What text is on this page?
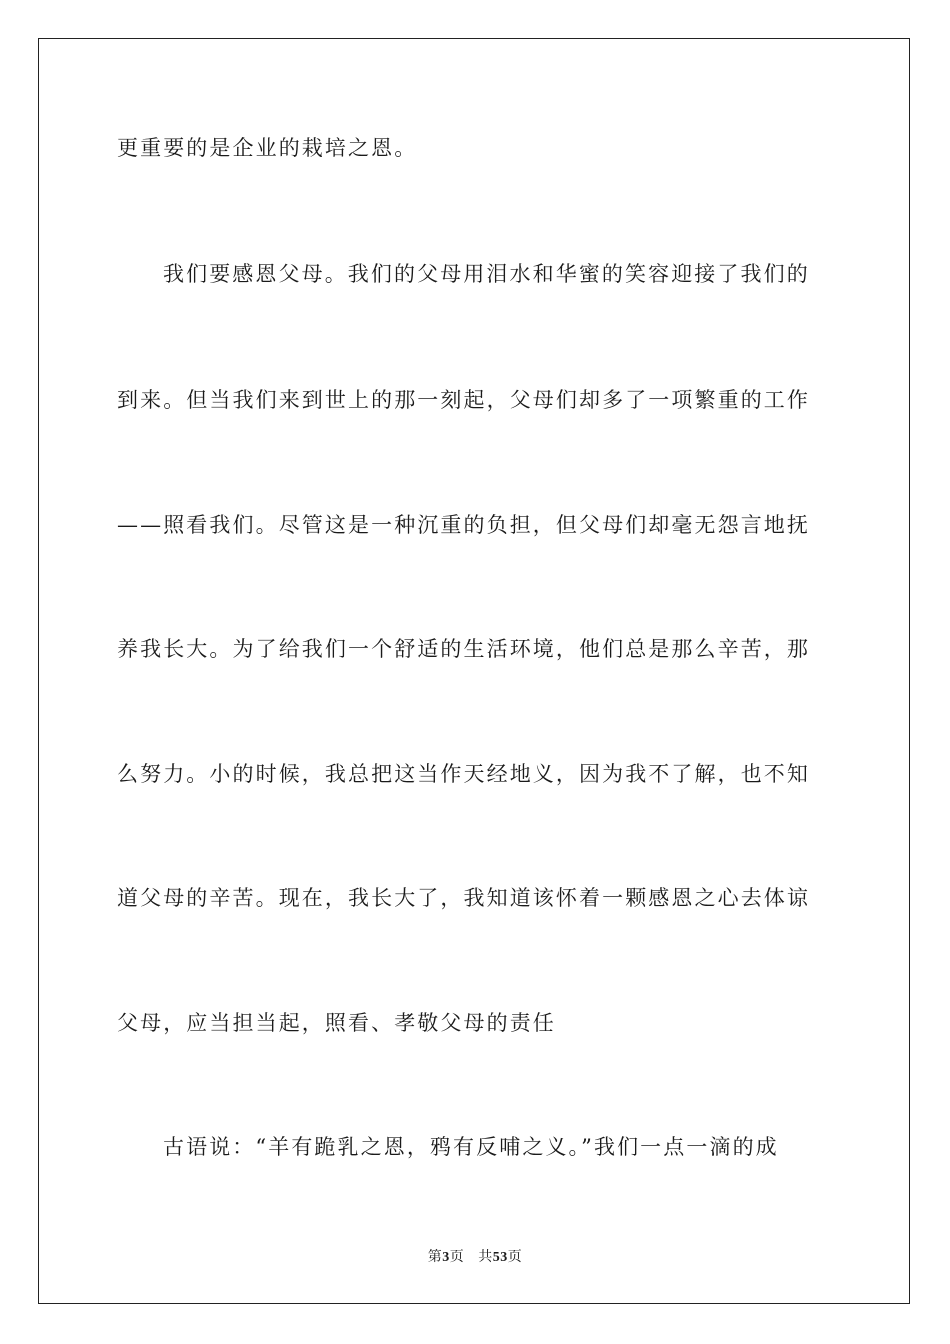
更重要的是企业的栽培之恩。
我们要感恩父母。我们的父母用泪水和华蜜的笑容迎接了我们的
到来。但当我们来到世上的那一刻起，父母们却多了一项繁重的工作
——照看我们。尽管这是一种沉重的负担，但父母们却毫无怨言地抚
养我长大。为了给我们一个舒适的生活环境，他们总是那么辛苦，那
么努力。小的时候，我总把这当作天经地义，因为我不了解，也不知
道父母的辛苦。现在，我长大了，我知道该怀着一颗感恩之心去体谅
父母，应当担当起，照看、孝敬父母的责任
古语说：“羊有跪乳之恩，鸦有反哺之义。”我们一点一滴的成
第3页 共53页
